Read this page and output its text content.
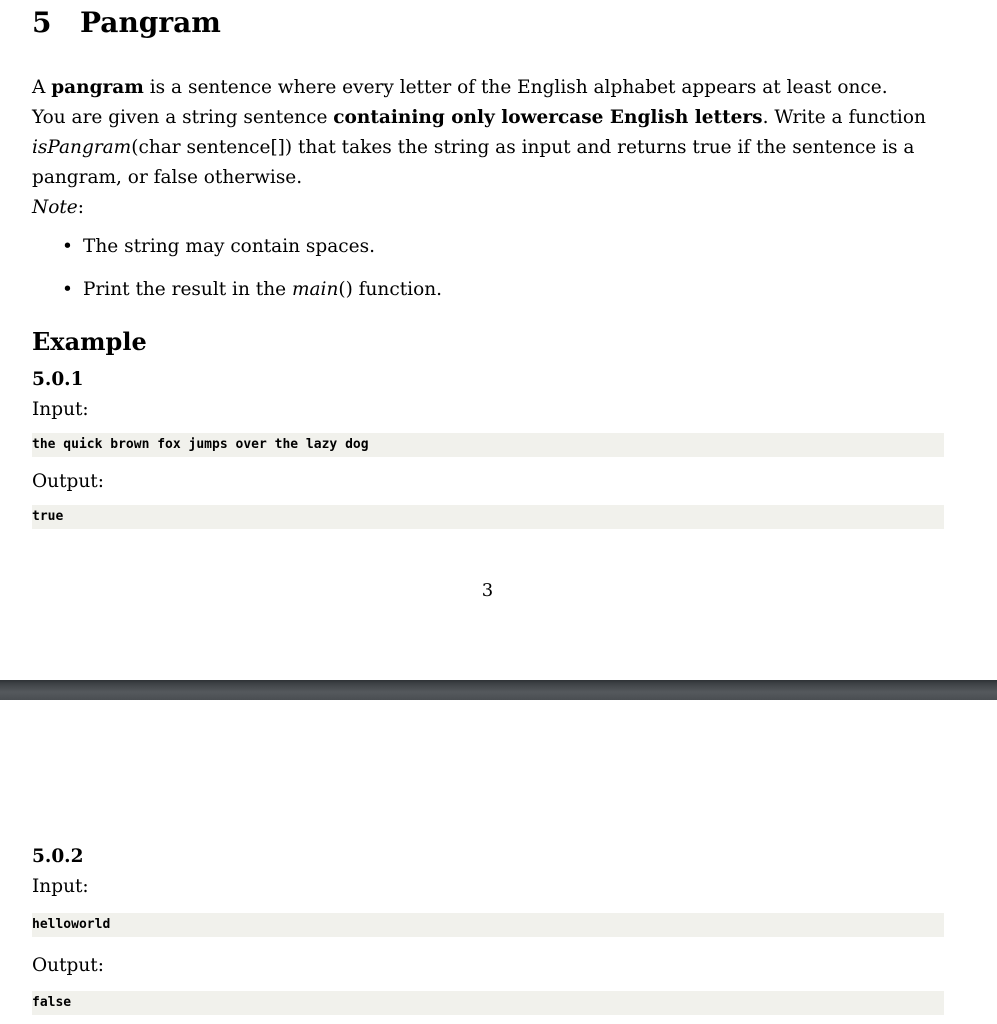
5 Pangram
A pangram is a sentence where every letter of the English alphabet appears at least once.
You are given a string sentence containing only lowercase English letters. Write a function isPangram(char sentence[]) that takes the string as input and returns true if the sentence is a pangram, or false otherwise.
Note:
• The string may contain spaces.
• Print the result in the main() function.
Example
5.0.1
Input:
the quick brown fox jumps over the lazy dog
Output:
true
3
5.0.2
Input:
helloworld
Output:
false
